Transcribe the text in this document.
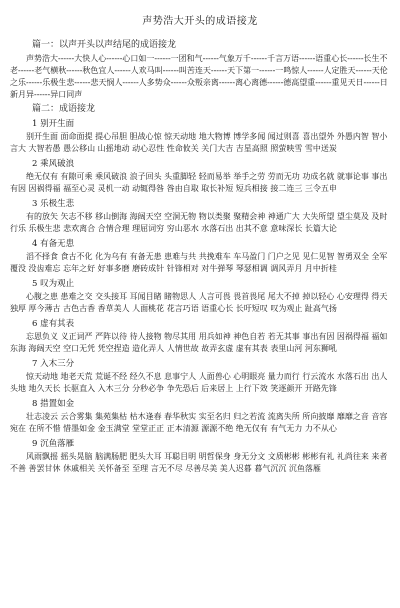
声势浩大开头的成语接龙
篇一：以声开头以声结尾的成语接龙
声势浩大------大快人心------心口如一------一团和气------气象万千------千言万语------语重心长------长生不老------老气横秋------秋色宜人------人欢马叫------叫苦连天------天下第一------一鸣惊人------人定胜天------天伦之乐------乐极生悲------悲天悯人------人多势众------众叛亲离------离心离德------德高望重------重见天日------日新月异------异口同声
篇二：成语接龙
1 别开生面
别开生面 面命面提 提心吊胆 胆战心惊 惊天动地 地大物博 博学多闻 闻过则喜 喜出望外 外愚内智 智小言大 大智若愚 愚公移山 山摇地动 动心忍性 性命攸关 关门大吉 吉星高照 照萤映雪 雪中送炭
2 乘风破浪
绝无仅有 有隙可乘 乘风破浪 浪子回头 头重脚轻 轻而易举 举手之劳 劳而无功 功成名就 就事论事 事出有因 因祸得福 福至心灵 灵机一动 动辄得咎 咎由自取 取长补短 短兵相接 接二连三 三令五申
3 乐极生悲
有的放矢 矢志不移 移山倒海 海阔天空 空洞无物 物以类聚 聚精会神 神通广大 大失所望 望尘莫及 及时行乐 乐极生悲 悲欢离合 合情合理 理屈词穷 穷山恶水 水落石出 出其不意 意味深长 长篇大论
4 有备无患
滔不择食 食古不化 化为乌有 有备无患 患难与共 共挽难车 车马盈门 门户之见 见仁见智 智勇双全 全军覆没 没齿难忘 忘年之好 好事多磨 磨砖成针 针锋相对 对牛弹琴 琴瑟相调 调风弄月 月中折桂
5 叹为观止
心腹之患 患难之交 交头接耳 耳闻目睹 睹物思人 人言可畏 畏首畏尾 尾大不掉 掉以轻心 心安理得 得天独厚 厚今薄古 古色古香 香草美人 人面桃花 花言巧语 语重心长 长吁短叹 叹为观止 趾高气扬
6 虚有其表
忘恩负义 义正词严 严阵以待 待人接物 物尽其用 用兵如神 神色自若 若无其事 事出有因 因祸得福 福如东海 海阔天空 空口无凭 凭空捏造 造化弄人 人情世故 故弄玄虚 虚有其表 表里山河 河东狮吼
7 入木三分
惊天动地 地老天荒 荒诞不经 经久不息 息事宁人 人面兽心 心明眼亮 量力而行 行云流水 水落石出 出人头地 地久天长 长驱直入 入木三分 分秒必争 争先恐后 后来居上 上行下效 笑逐颜开 开路先锋
8 措置如金
壮志凌云 云合雾集 集苑集枯 枯木逢春 春华秋实 实至名归 归之若流 流离失所 所向披靡 靡靡之音 音容宛在 在所不惜 惜墨如金 金玉满堂 堂堂正正 正本清源 源源不绝 绝无仅有 有气无力 力不从心
9 沉鱼落雁
风雨飘摇 摇头晃脑 脑满肠肥 肥头大耳 耳聪目明 明哲保身 身无分文 文质彬彬 彬彬有礼 礼尚往来 来者不善 善罢甘休 休戚相关 关怀备至 至理 言无不尽 尽善尽美 美人迟暮 暮气沉沉 沉鱼落雁
